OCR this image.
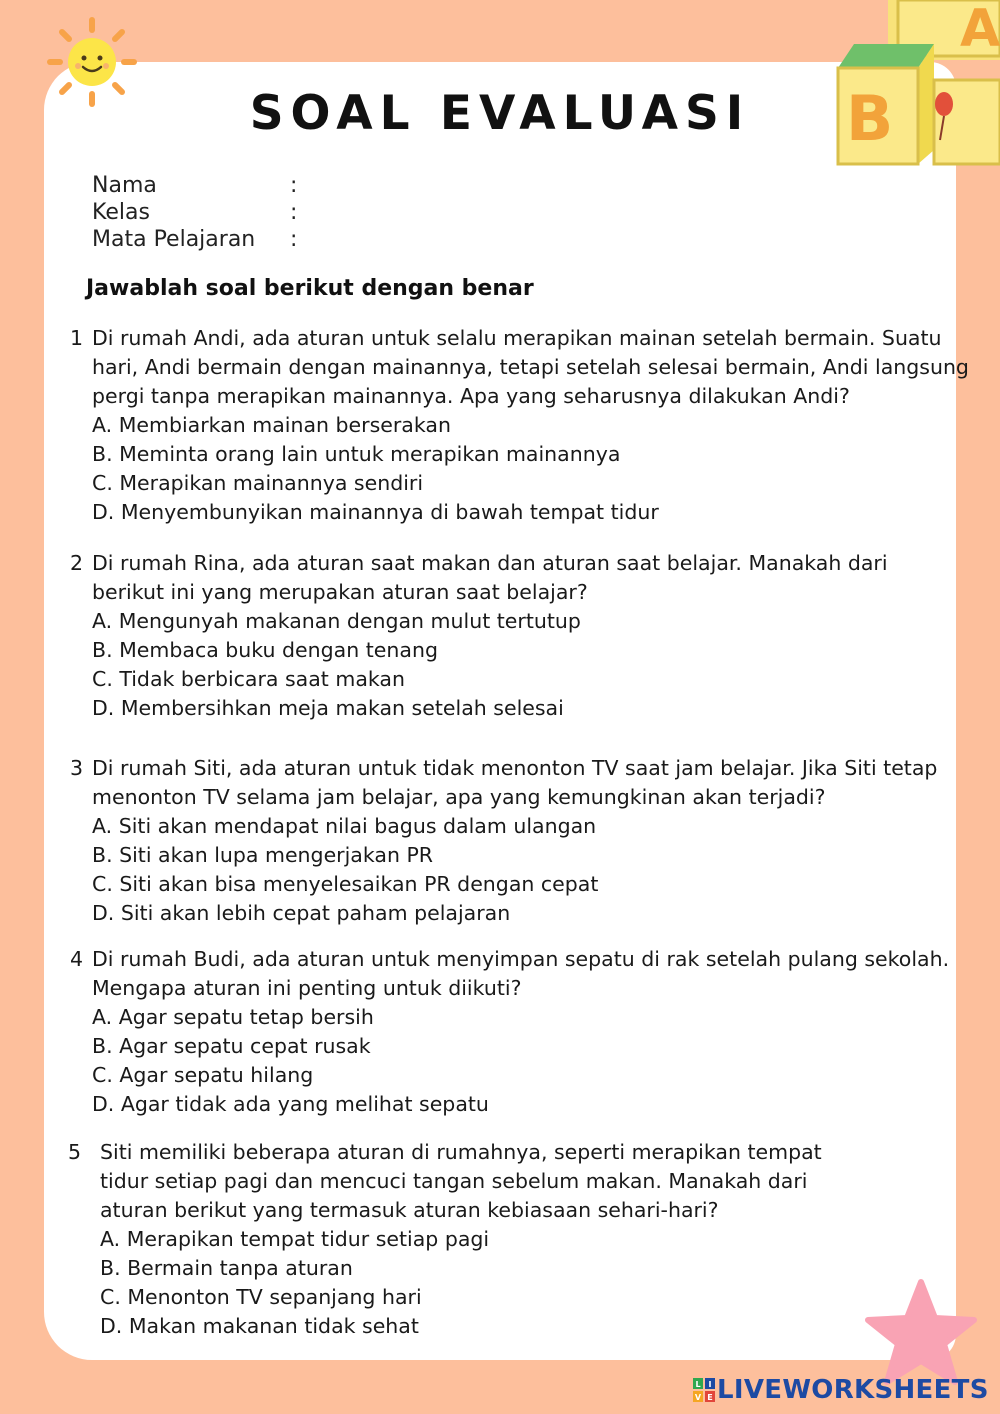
A
B
SOAL EVALUASI
Nama	:
Kelas	:
Mata Pelajaran	:
Jawablah soal berikut dengan benar
1 Di rumah Andi, ada aturan untuk selalu merapikan mainan setelah bermain. Suatu
hari, Andi bermain dengan mainannya, tetapi setelah selesai bermain, Andi langsung
pergi tanpa merapikan mainannya. Apa yang seharusnya dilakukan Andi?
A. Membiarkan mainan berserakan
B. Meminta orang lain untuk merapikan mainannya
C. Merapikan mainannya sendiri
D. Menyembunyikan mainannya di bawah tempat tidur
2 Di rumah Rina, ada aturan saat makan dan aturan saat belajar. Manakah dari
berikut ini yang merupakan aturan saat belajar?
A. Mengunyah makanan dengan mulut tertutup
B. Membaca buku dengan tenang
C. Tidak berbicara saat makan
D. Membersihkan meja makan setelah selesai
3 Di rumah Siti, ada aturan untuk tidak menonton TV saat jam belajar. Jika Siti tetap
menonton TV selama jam belajar, apa yang kemungkinan akan terjadi?
A. Siti akan mendapat nilai bagus dalam ulangan
B. Siti akan lupa mengerjakan PR
C. Siti akan bisa menyelesaikan PR dengan cepat
D. Siti akan lebih cepat paham pelajaran
4 Di rumah Budi, ada aturan untuk menyimpan sepatu di rak setelah pulang sekolah.
Mengapa aturan ini penting untuk diikuti?
A. Agar sepatu tetap bersih
B. Agar sepatu cepat rusak
C. Agar sepatu hilang
D. Agar tidak ada yang melihat sepatu
5 Siti memiliki beberapa aturan di rumahnya, seperti merapikan tempat
tidur setiap pagi dan mencuci tangan sebelum makan. Manakah dari
aturan berikut yang termasuk aturan kebiasaan sehari-hari?
A. Merapikan tempat tidur setiap pagi
B. Bermain tanpa aturan
C. Menonton TV sepanjang hari
D. Makan makanan tidak sehat
L I
V E LIVEWORKSHEETS
